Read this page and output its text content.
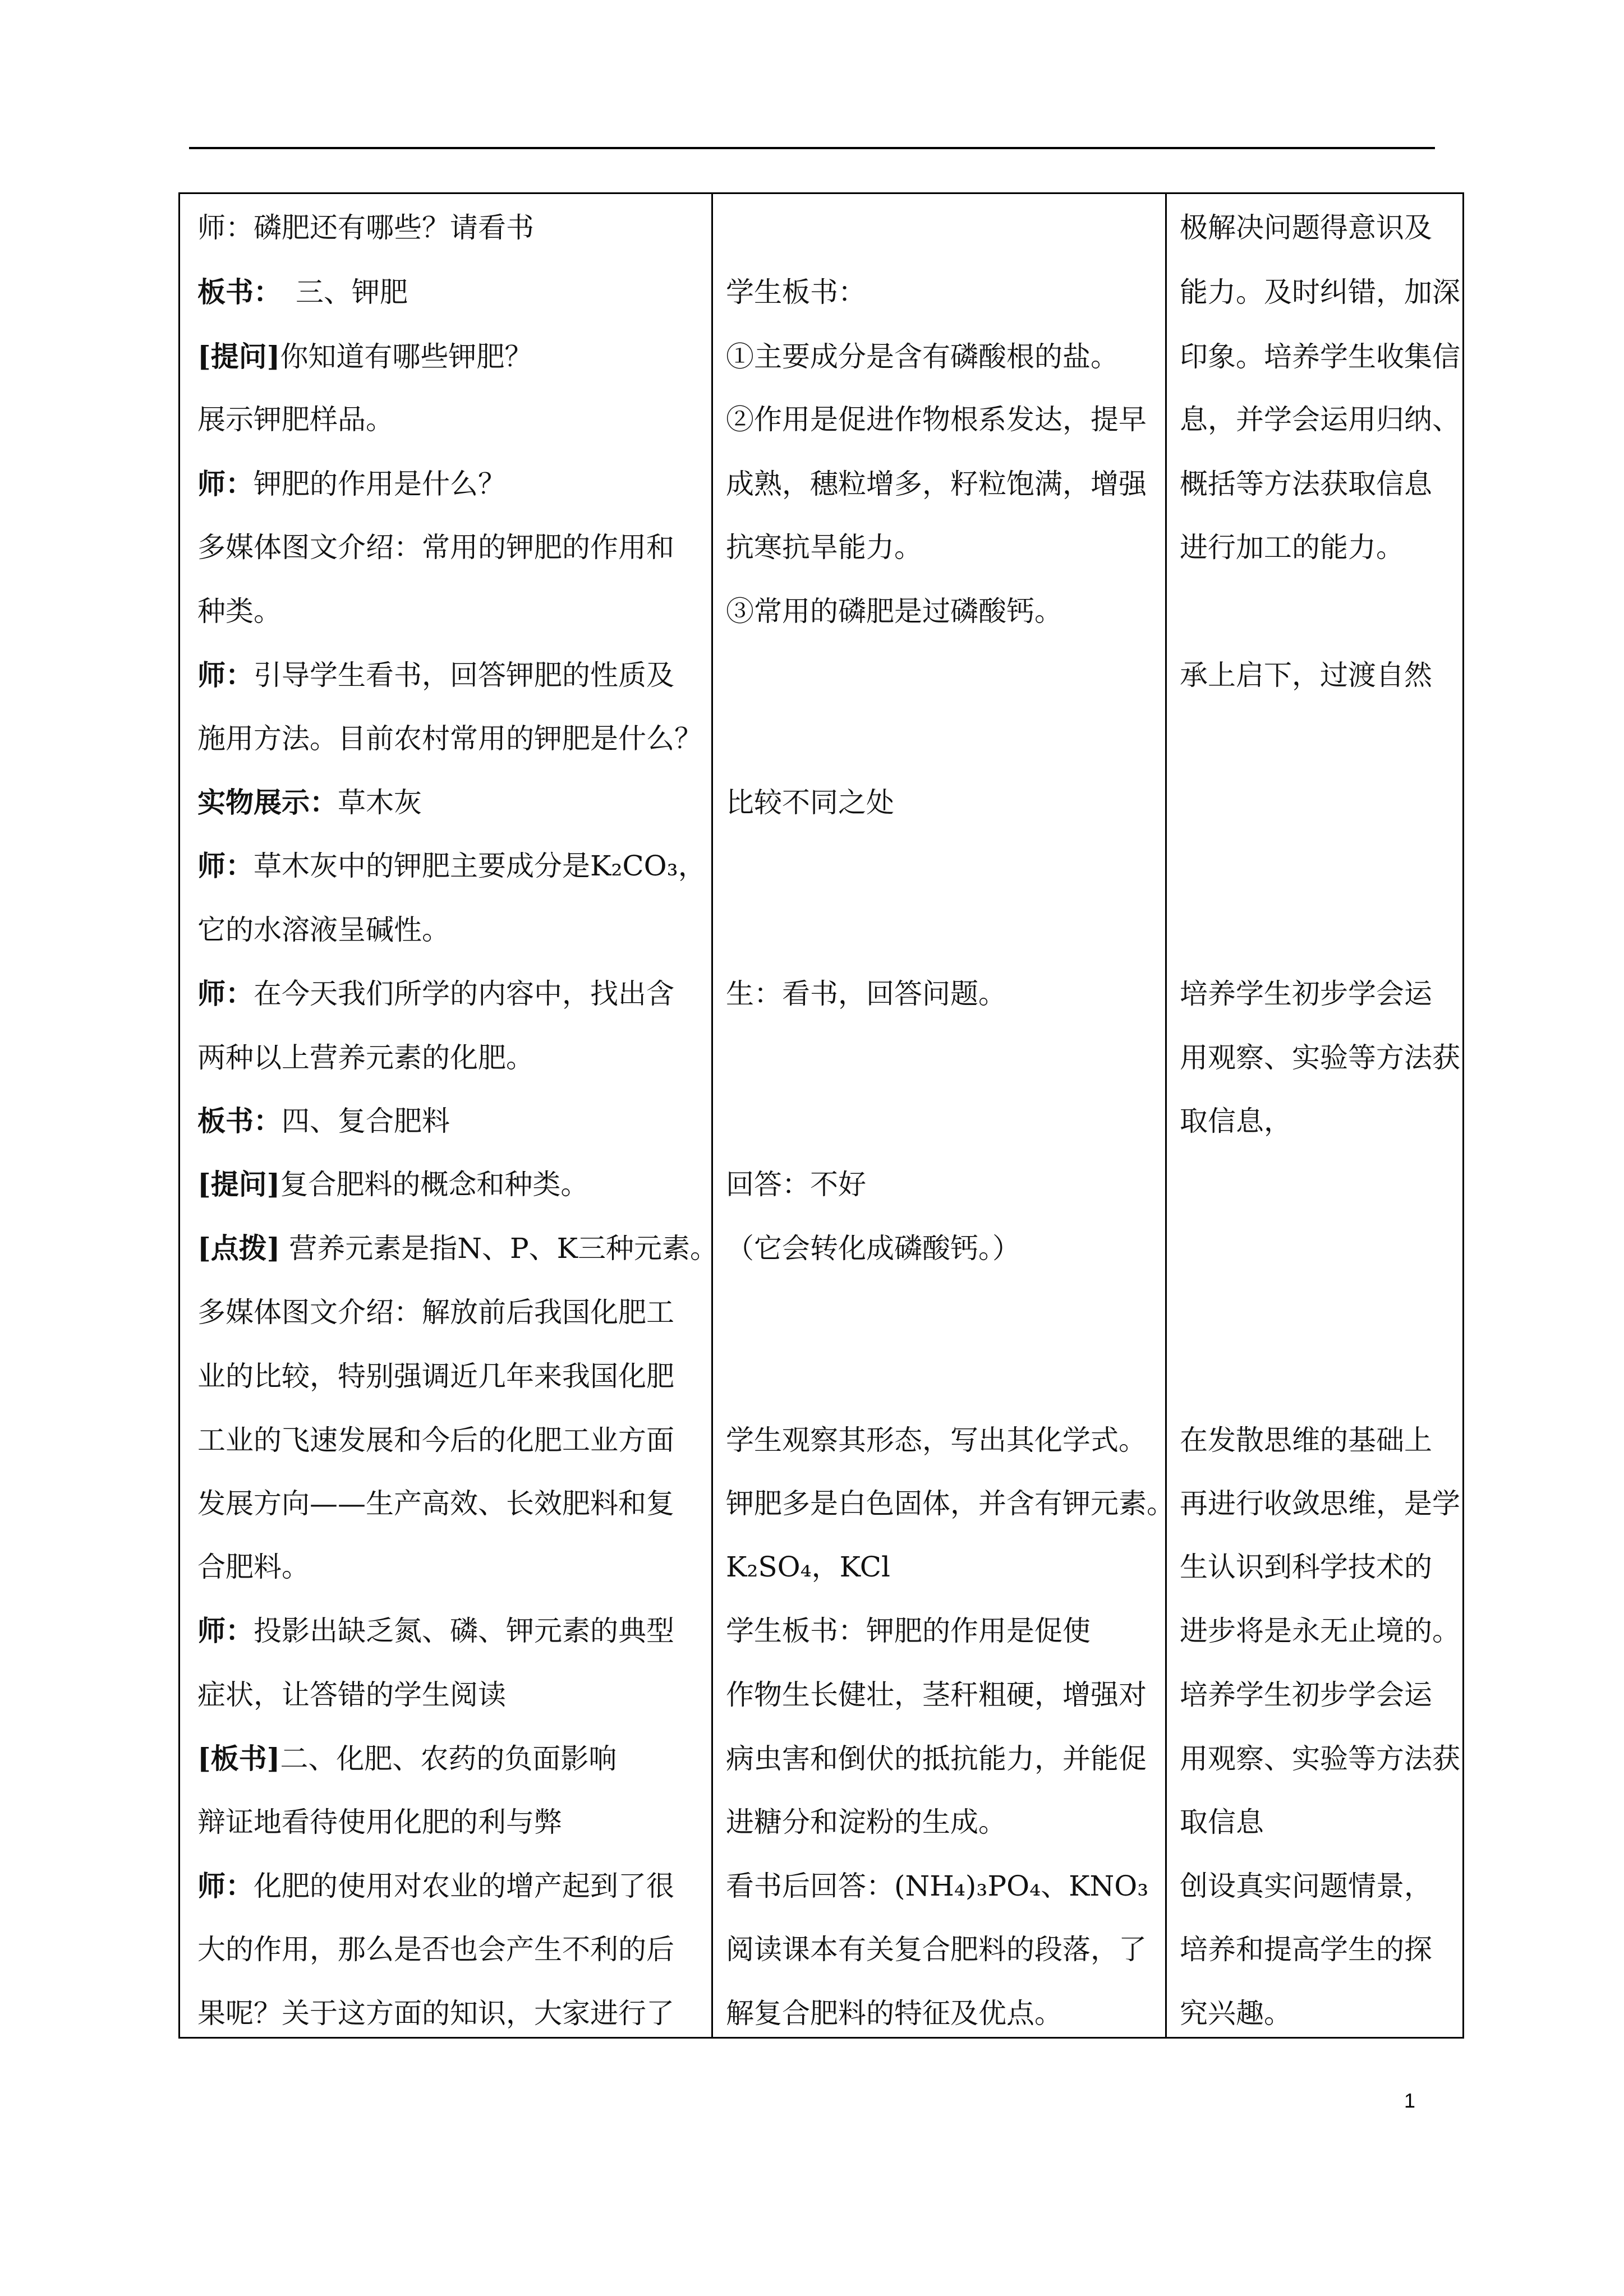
师：磷肥还有哪些？请看书
板书：　三、钾肥
[提问]你知道有哪些钾肥？
展示钾肥样品。
师：钾肥的作用是什么？
多媒体图文介绍：常用的钾肥的作用和
种类。
师：引导学生看书，回答钾肥的性质及
施用方法。目前农村常用的钾肥是什么？
实物展示：草木灰
师：草木灰中的钾肥主要成分是K₂CO₃，
它的水溶液呈碱性。
师：在今天我们所学的内容中，找出含
两种以上营养元素的化肥。
板书：四、复合肥料
[提问]复合肥料的概念和种类。
[点拨] 营养元素是指N、P、K三种元素。
多媒体图文介绍：解放前后我国化肥工
业的比较，特别强调近几年来我国化肥
工业的飞速发展和今后的化肥工业方面
发展方向——生产高效、长效肥料和复
合肥料。
师：投影出缺乏氮、磷、钾元素的典型
症状，让答错的学生阅读
[板书]二、化肥、农药的负面影响
辩证地看待使用化肥的利与弊
师：化肥的使用对农业的增产起到了很
大的作用，那么是否也会产生不利的后
果呢？关于这方面的知识，大家进行了
学生板书：
①主要成分是含有磷酸根的盐。
②作用是促进作物根系发达，提早
成熟，穗粒增多，籽粒饱满，增强
抗寒抗旱能力。
③常用的磷肥是过磷酸钙。
比较不同之处
生：看书，回答问题。
回答：不好
（它会转化成磷酸钙。）
学生观察其形态，写出其化学式。
钾肥多是白色固体，并含有钾元素。
K₂SO₄，KCl
学生板书：钾肥的作用是促使
作物生长健壮，茎秆粗硬，增强对
病虫害和倒伏的抵抗能力，并能促
进糖分和淀粉的生成。
看书后回答：(NH₄)₃PO₄、KNO₃
阅读课本有关复合肥料的段落，了
解复合肥料的特征及优点。
极解决问题得意识及
能力。及时纠错，加深
印象。培养学生收集信
息，并学会运用归纳、
概括等方法获取信息
进行加工的能力。
承上启下，过渡自然
培养学生初步学会运
用观察、实验等方法获
取信息，
在发散思维的基础上
再进行收敛思维，是学
生认识到科学技术的
进步将是永无止境的。
培养学生初步学会运
用观察、实验等方法获
取信息
创设真实问题情景，
培养和提高学生的探
究兴趣。
1
